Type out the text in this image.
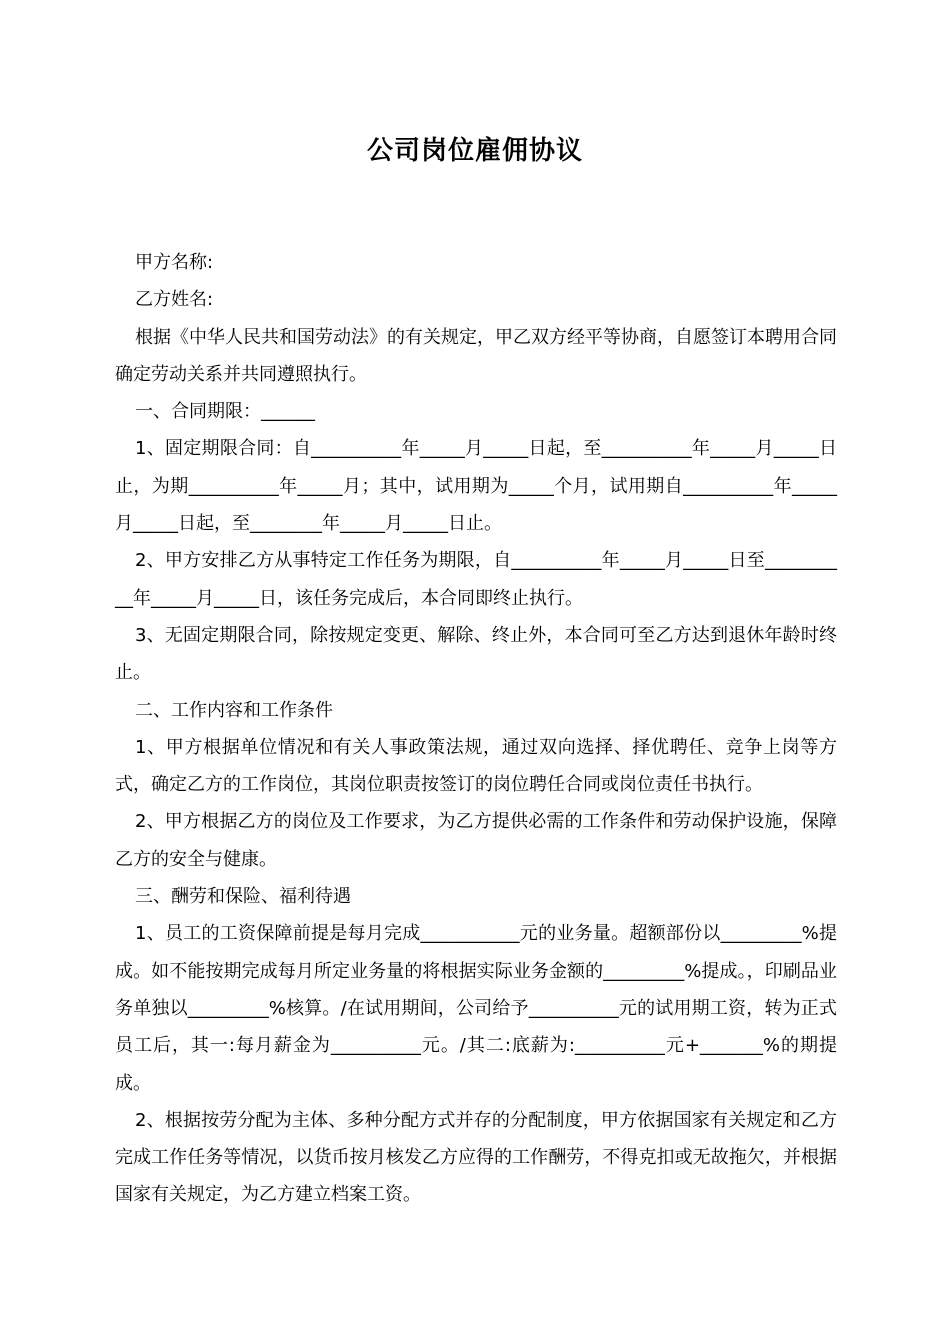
公司岗位雇佣协议

甲方名称:

乙方姓名:

根据《中华人民共和国劳动法》的有关规定，甲乙双方经平等协商，自愿签订本聘用合同确定劳动关系并共同遵照执行。

一、合同期限：______

1、固定期限合同：自__________年_____月_____日起，至__________年_____月_____日止，为期__________年_____月；其中，试用期为_____个月，试用期自__________年_____月_____日起，至________年_____月_____日止。

2、甲方安排乙方从事特定工作任务为期限，自__________年_____月_____日至__________年_____月_____日，该任务完成后，本合同即终止执行。

3、无固定期限合同，除按规定变更、解除、终止外，本合同可至乙方达到退休年龄时终止。

二、工作内容和工作条件

1、甲方根据单位情况和有关人事政策法规，通过双向选择、择优聘任、竞争上岗等方式，确定乙方的工作岗位，其岗位职责按签订的岗位聘任合同或岗位责任书执行。

2、甲方根据乙方的岗位及工作要求，为乙方提供必需的工作条件和劳动保护设施，保障乙方的安全与健康。

三、酬劳和保险、福利待遇

1、员工的工资保障前提是每月完成___________元的业务量。超额部份以_________%提成。如不能按期完成每月所定业务量的将根据实际业务金额的_________%提成。，印刷品业务单独以_________%核算。/在试用期间，公司给予__________元的试用期工资，转为正式员工后，其一:每月薪金为__________元。/其二:底薪为:__________元+_______%的期提成。

2、根据按劳分配为主体、多种分配方式并存的分配制度，甲方依据国家有关规定和乙方完成工作任务等情况，以货币按月核发乙方应得的工作酬劳，不得克扣或无故拖欠，并根据国家有关规定，为乙方建立档案工资。
